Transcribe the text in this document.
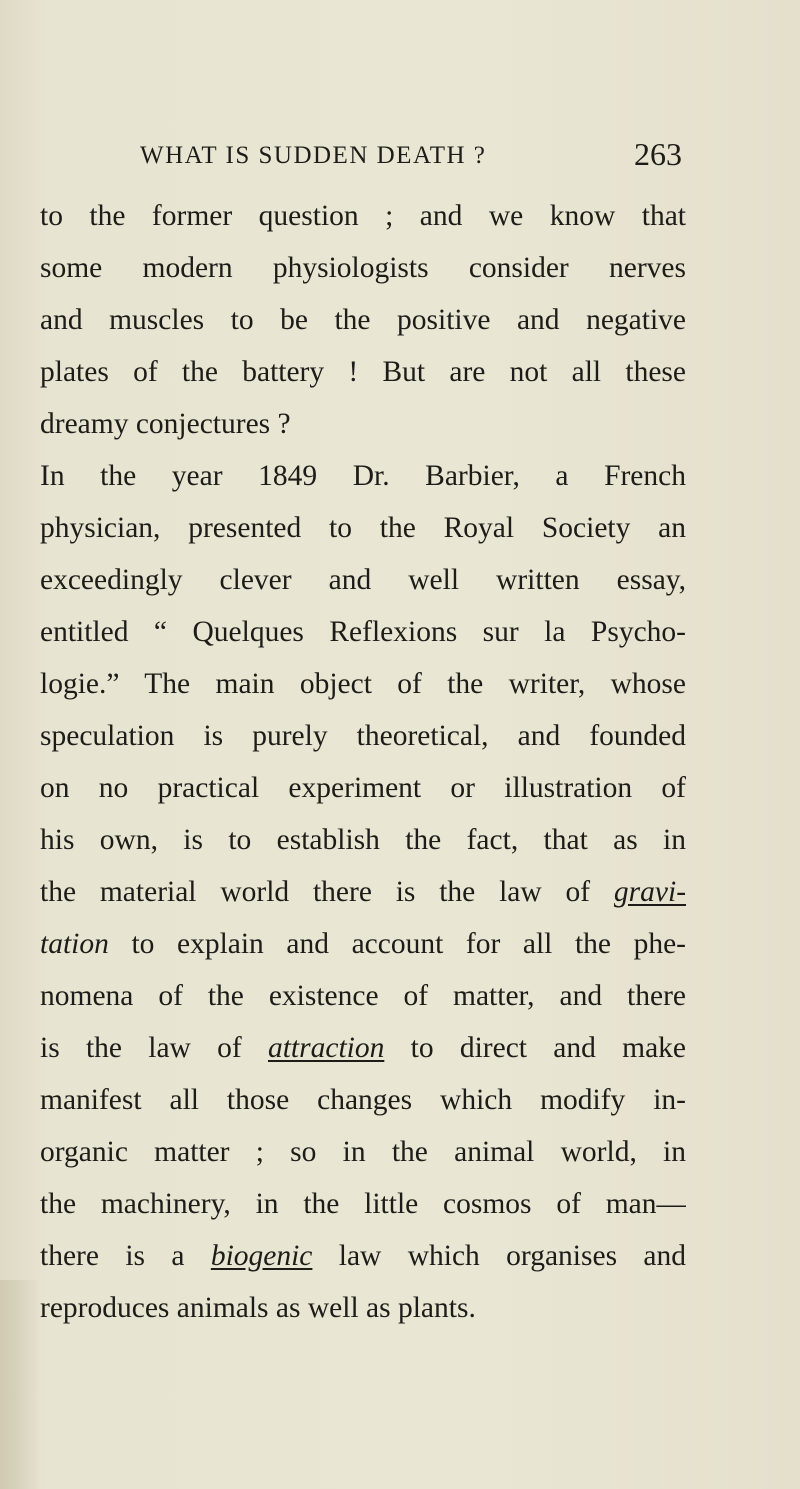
WHAT IS SUDDEN DEATH ?	263
to the former question ; and we know that
some modern physiologists consider nerves
and muscles to be the positive and negative
plates of the battery ! But are not all these
dreamy conjectures ?
In the year 1849 Dr. Barbier, a French
physician, presented to the Royal Society an
exceedingly clever and well written essay,
entitled “ Quelques Reflexions sur la Psycho-
logie.” The main object of the writer, whose
speculation is purely theoretical, and founded
on no practical experiment or illustration of
his own, is to establish the fact, that as in
the material world there is the law of gravi-
tation to explain and account for all the phe-
nomena of the existence of matter, and there
is the law of attraction to direct and make
manifest all those changes which modify in-
organic matter ; so in the animal world, in
the machinery, in the little cosmos of man—
there is a biogenic law which organises and
reproduces animals as well as plants.
